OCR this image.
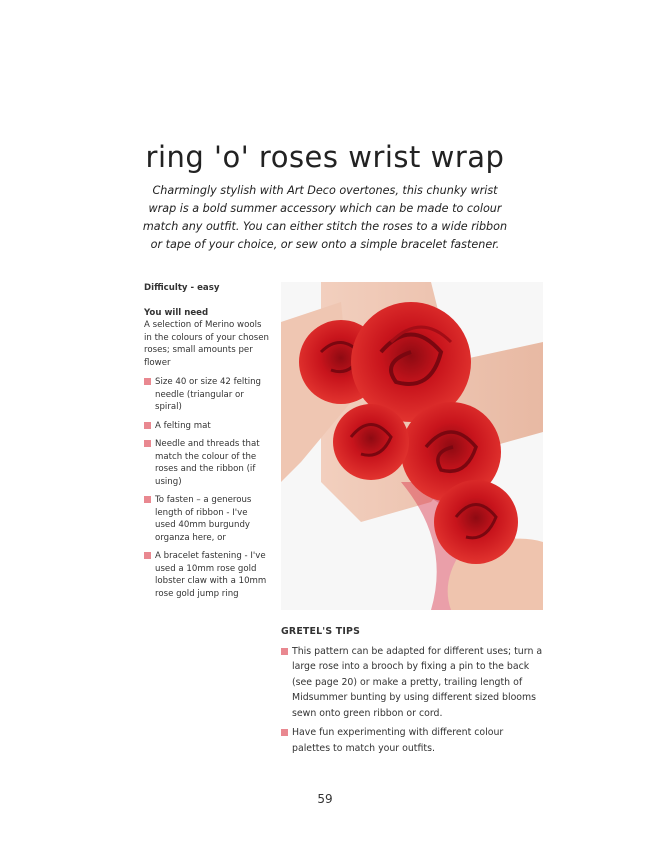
ring 'o' roses wrist wrap

Charmingly stylish with Art Deco overtones, this chunky wrist wrap is a bold summer accessory which can be made to colour match any outfit. You can either stitch the roses to a wide ribbon or tape of your choice, or sew onto a simple bracelet fastener.

Difficulty - easy

You will need

A selection of Merino wools in the colours of your chosen roses; small amounts per flower

Size 40 or size 42 felting needle (triangular or spiral)
A felting mat
Needle and threads that match the colour of the roses and the ribbon (if using)
To fasten – a generous length of ribbon - I've used 40mm burgundy organza here, or
A bracelet fastening - I've used a 10mm rose gold lobster claw with a 10mm rose gold jump ring

GRETEL'S TIPS

This pattern can be adapted for different uses; turn a large rose into a brooch by fixing a pin to the back (see page 20) or make a pretty, trailing length of Midsummer bunting by using different sized blooms sewn onto green ribbon or cord.
Have fun experimenting with different colour palettes to match your outfits.
59
